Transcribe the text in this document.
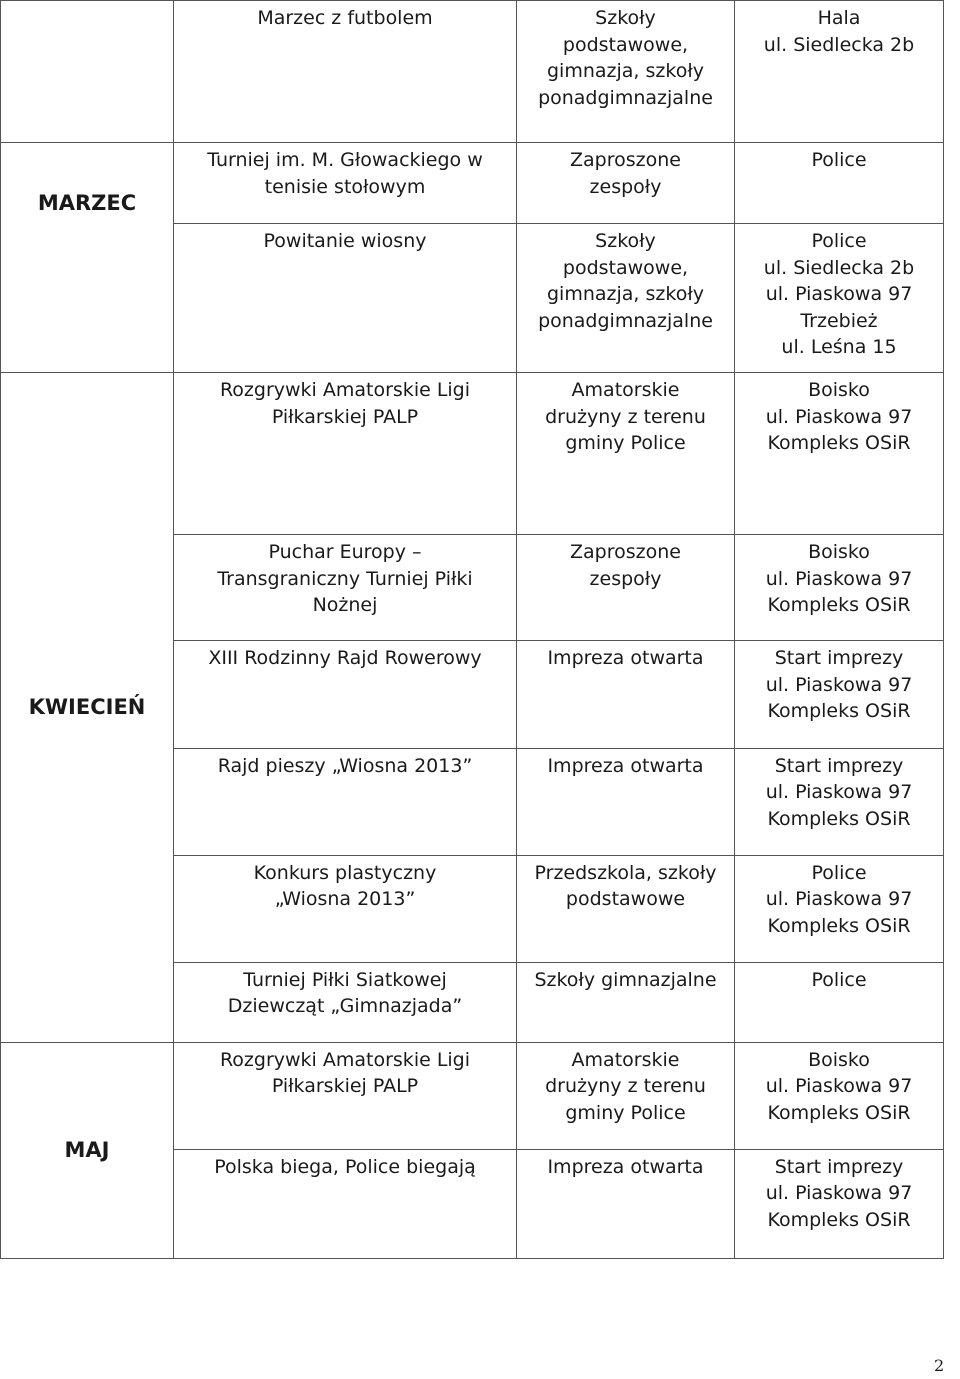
	Marzec z futbolem	Szkoły
podstawowe,
gimnazja, szkoły
ponadgimnazjalne	Hala
ul. Siedlecka 2b
MARZEC	Turniej im. M. Głowackiego w
tenisie stołowym	Zaproszone
zespoły	Police
	Powitanie wiosny	Szkoły
podstawowe,
gimnazja, szkoły
ponadgimnazjalne	Police
ul. Siedlecka 2b
ul. Piaskowa 97
Trzebież
ul. Leśna 15
KWIECIEŃ	Rozgrywki Amatorskie Ligi
Piłkarskiej PALP	Amatorskie
drużyny z terenu
gminy Police	Boisko
ul. Piaskowa 97
Kompleks OSiR
	Puchar Europy –
Transgraniczny Turniej Piłki
Nożnej	Zaproszone
zespoły	Boisko
ul. Piaskowa 97
Kompleks OSiR
	XIII Rodzinny Rajd Rowerowy	Impreza otwarta	Start imprezy
ul. Piaskowa 97
Kompleks OSiR
	Rajd pieszy „Wiosna 2013”	Impreza otwarta	Start imprezy
ul. Piaskowa 97
Kompleks OSiR
	Konkurs plastyczny
„Wiosna 2013”	Przedszkola, szkoły
podstawowe	Police
ul. Piaskowa 97
Kompleks OSiR
	Turniej Piłki Siatkowej
Dziewcząt „Gimnazjada”	Szkoły gimnazjalne	Police
MAJ	Rozgrywki Amatorskie Ligi
Piłkarskiej PALP	Amatorskie
drużyny z terenu
gminy Police	Boisko
ul. Piaskowa 97
Kompleks OSiR
	Polska biega, Police biegają	Impreza otwarta	Start imprezy
ul. Piaskowa 97
Kompleks OSiR
2
